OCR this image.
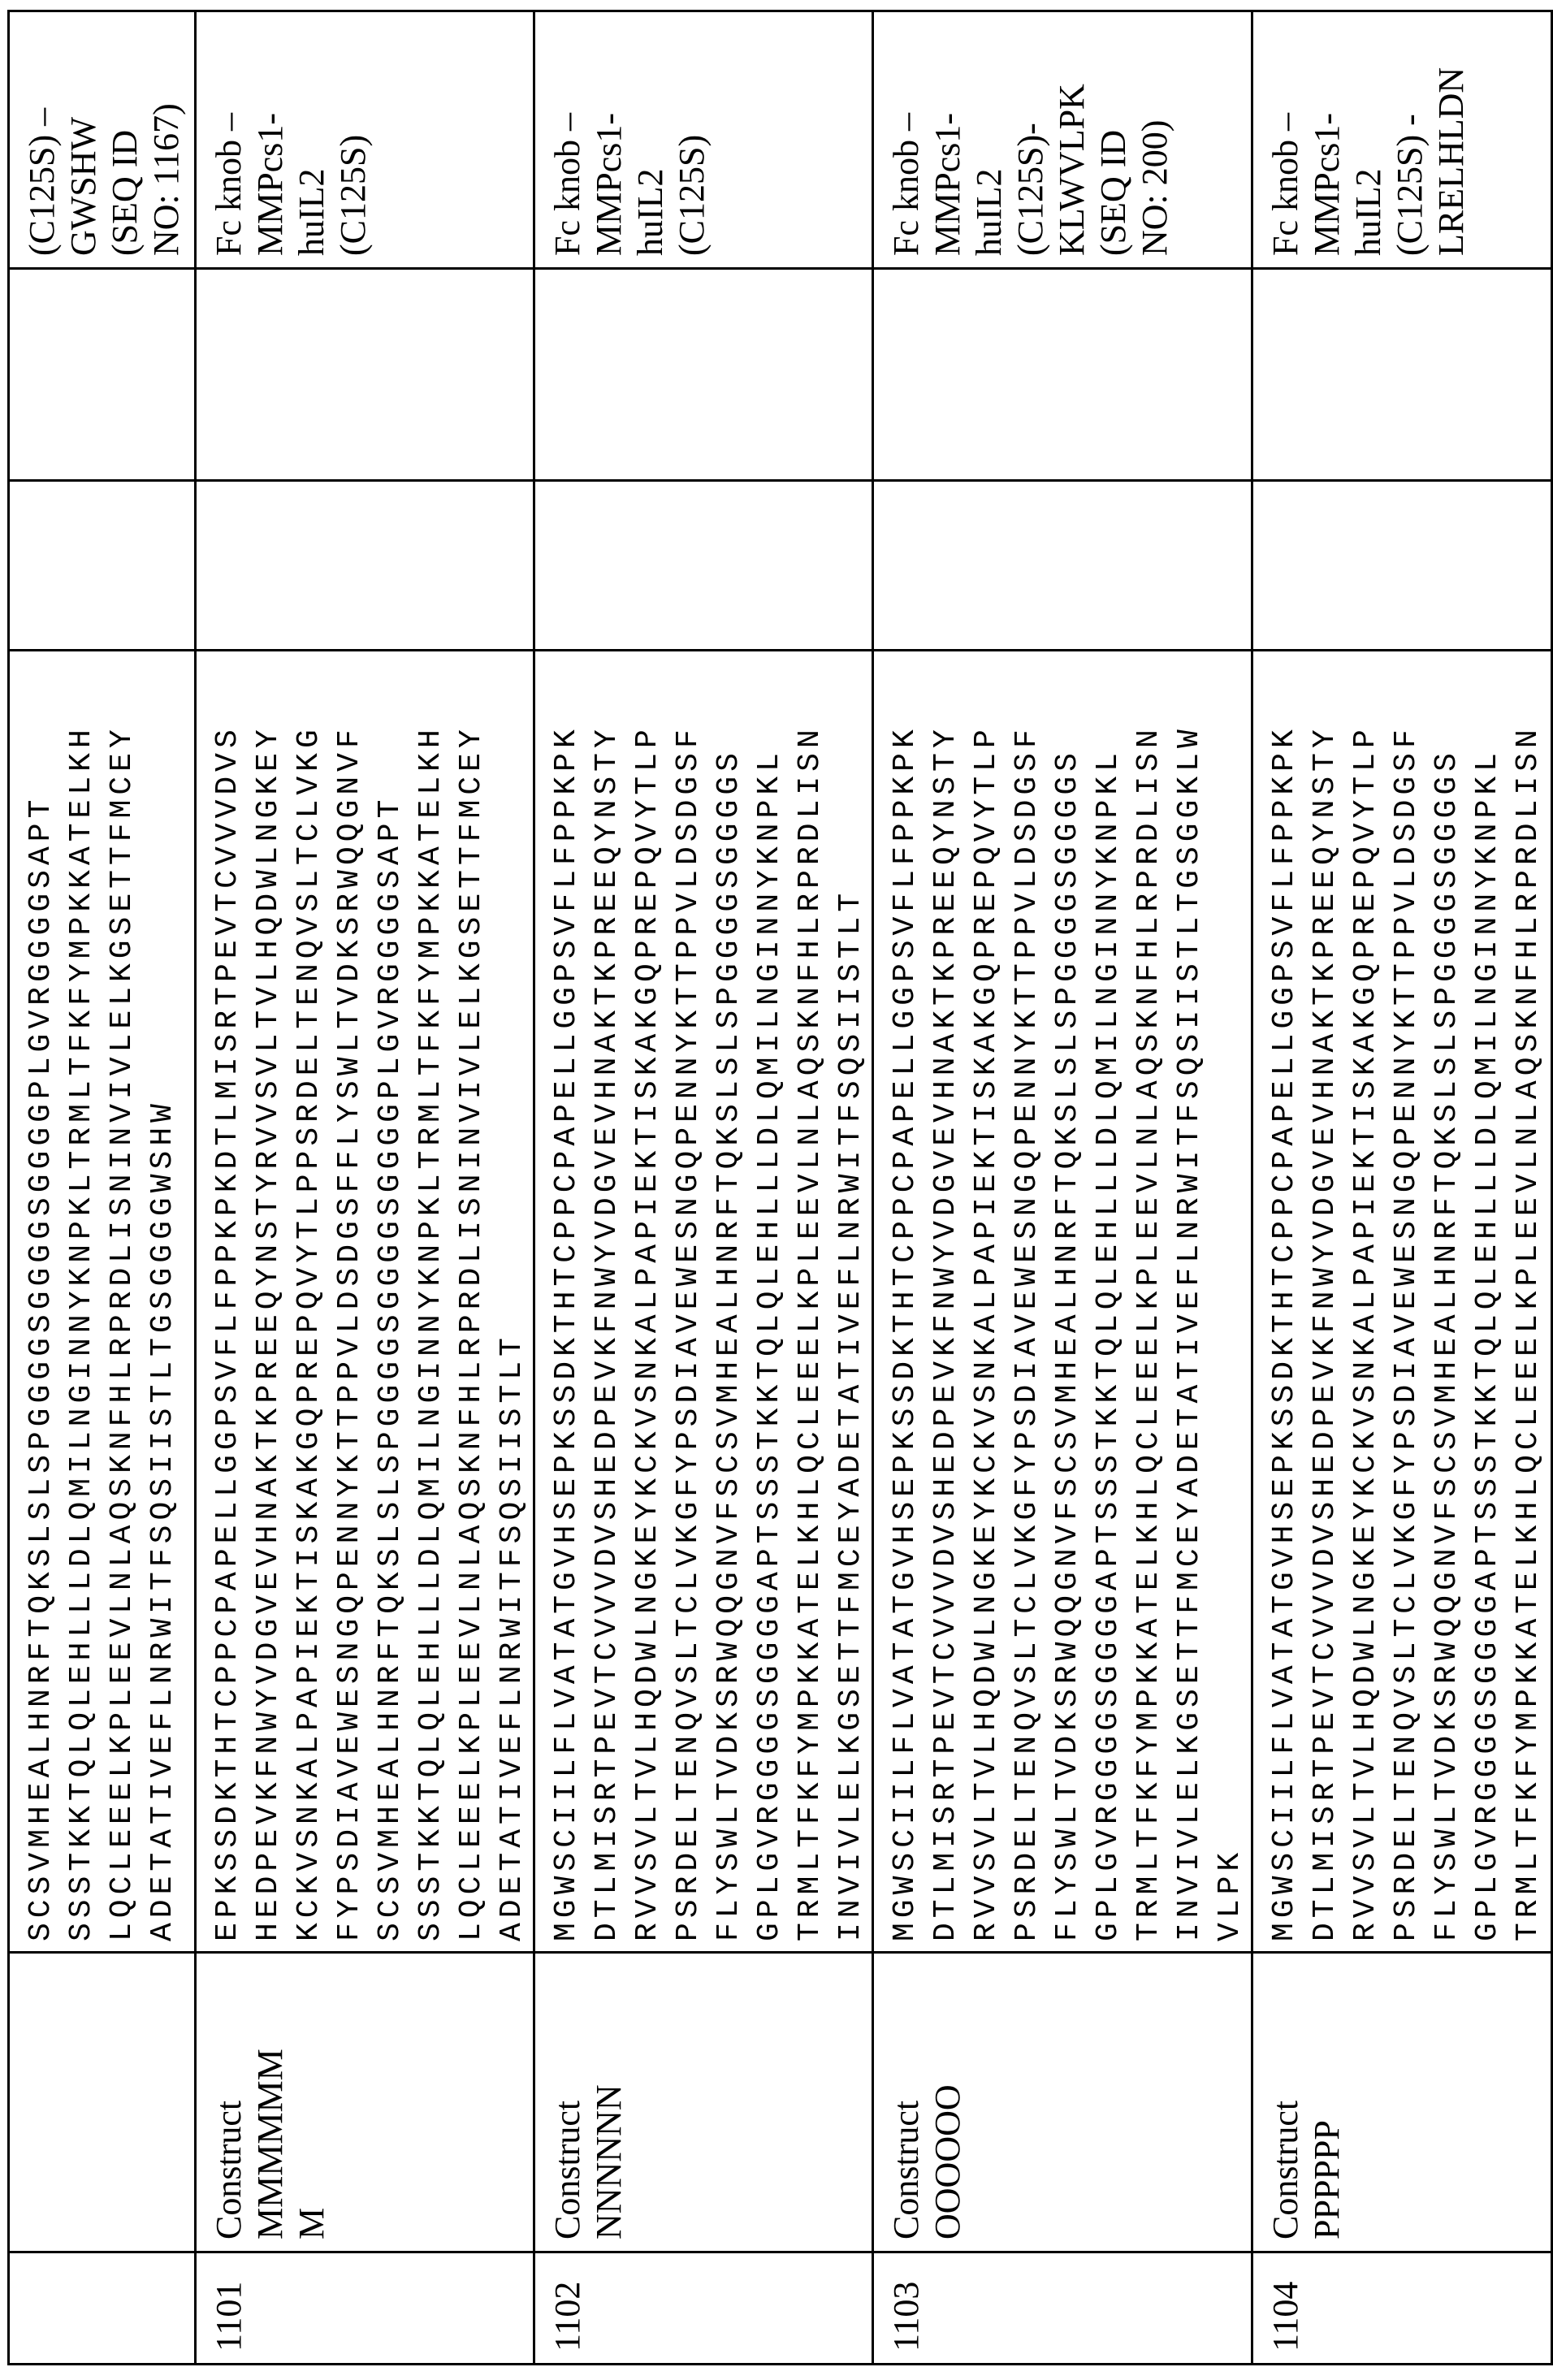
SCSVMHEALHNRFTQKSLSLSPGGGGSGGGGSGGGGPLGVRGGGGSAPT SSSTKKTQLQLEHLLLDLQMILNGINNYKNPKLTRMLTFKFYMPKKATELKH LQCLEEELKPLEEVLNLAQSKNFHLRPRDLISNINVIVLELKGSETTFMCEY ADETATIVEFLNRWITFSQSIISTLTGSGGGGWSHW

(C125S) – GWSHW (SEQ ID NO: 1167)

1101	
Construct MMMMMM M

EPKSSDKTHTCPPCPAPELLGGPSVFLFPPKPKDTLMISRTPEVTCVVVDVS HEDPEVKFNWYVDGVEVHNAKTKPREEQYNSTYRVVSVLTVLHQDWLNGKEY KCKVSNKALPAPIEKTISKAKGQPREPQVYTLPPSRDELTENQVSLTCLVKG FYPSDIAVEWESNGQPENNYKTTPPVLDSDGSFFLYSWLTVDKSRWQQGNVF SCSVMHEALHNRFTQKSLSLSPGGGGSGGGGSGGGGPLGVRGGGGSAPT SSSTKKTQLQLEHLLLDLQMILNGINNYKNPKLTRMLTFKFYMPKKATELKH LQCLEEELKPLEEVLNLAQSKNFHLRPRDLISNINVIVLELKGSETTFMCEY ADETATIVEFLNRWITFSQSIISTLT

Fc knob – MMPcs1- huIL2 (C125S)

1102	
Construct NNNNNN

MGWSCIILFLVATATGVHSEPKSSDKTHTCPPCPAPELLGGPSVFLFPPKPK DTLMISRTPEVTCVVVDVSHEDPEVKFNWYVDGVEVHNAKTKPREEQYNSTY RVVSVLTVLHQDWLNGKEYKCKVSNKALPAPIEKTISKAKGQPREPQVYTLP PSRDELTENQVSLTCLVKGFYPSDIAVEWESNGQPENNYKTTPPVLDSDGSF FLYSWLTVDKSRWQQGNVFSCSVMHEALHNRFTQKSLSLSPGGGGSGGGGS GPLGVRGGGGSGGGGAPTSSSTKKTQLQLEHLLLDLQMILNGINNYKNPKL TRMLTFKFYMPKKATELKHLQCLEEELKPLEEVLNLAQSKNFHLRPRDLISN INVIVLELKGSETTFMCEYADETATIVEFLNRWITFSQSIISTLT

Fc knob – MMPcs1- huIL2 (C125S)

1103	
Construct OOOOOO

MGWSCIILFLVATATGVHSEPKSSDKTHTCPPCPAPELLGGPSVFLFPPKPK DTLMISRTPEVTCVVVDVSHEDPEVKFNWYVDGVEVHNAKTKPREEQYNSTY RVVSVLTVLHQDWLNGKEYKCKVSNKALPAPIEKTISKAKGQPREPQVYTLP PSRDELTENQVSLTCLVKGFYPSDIAVEWESNGQPENNYKTTPPVLDSDGSF FLYSWLTVDKSRWQQGNVFSCSVMHEALHNRFTQKSLSLSPGGGGSGGGGS GPLGVRGGGGSGGGGAPTSSSTKKTQLQLEHLLLDLQMILNGINNYKNPKL TRMLTFKFYMPKKATELKHLQCLEEELKPLEEVLNLAQSKNFHLRPRDLISN INVIVLELKGSETTFMCEYADETATIVEFLNRWITFSQSIISTLTGSGGKLW VLPK

Fc knob – MMPcs1- huIL2 (C125S)- KLWVLPK (SEQ ID NO: 200)

1104	
Construct PPPPPP

MGWSCIILFLVATATGVHSEPKSSDKTHTCPPCPAPELLGGPSVFLFPPKPK DTLMISRTPEVTCVVVDVSHEDPEVKFNWYVDGVEVHNAKTKPREEQYNSTY RVVSVLTVLHQDWLNGKEYKCKVSNKALPAPIEKTISKAKGQPREPQVYTLP PSRDELTENQVSLTCLVKGFYPSDIAVEWESNGQPENNYKTTPPVLDSDGSF FLYSWLTVDKSRWQQGNVFSCSVMHEALHNRFTQKSLSLSPGGGGSGGGGS GPLGVRGGGGSGGGGAPTSSSTKKTQLQLEHLLLDLQMILNGINNYKNPKL TRMLTFKFYMPKKATELKHLQCLEEELKPLEEVLNLAQSKNFHLRPRDLISN

Fc knob – MMPcs1- huIL2 (C125S) - LRELHLDN
